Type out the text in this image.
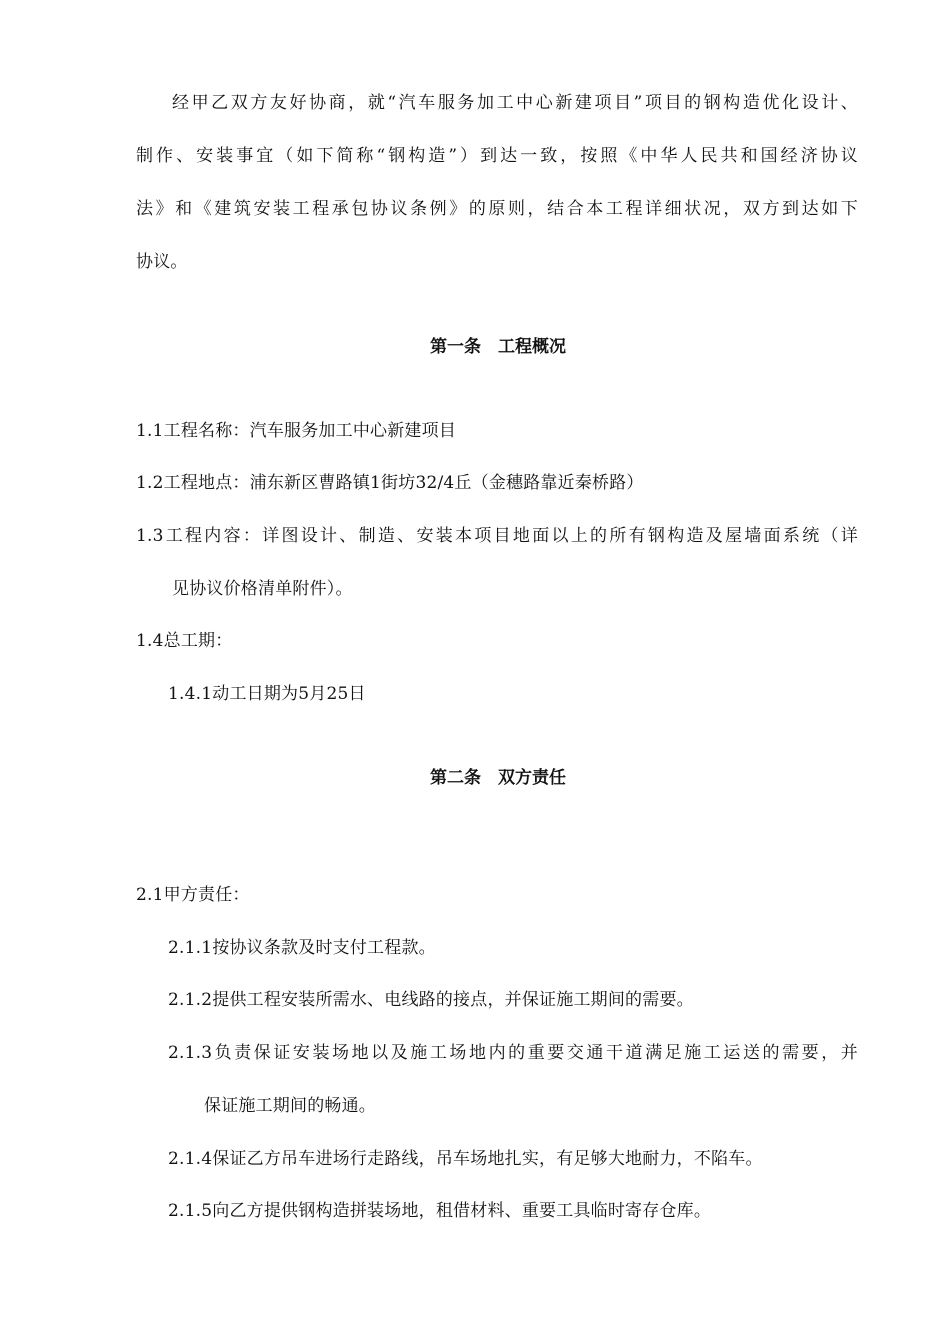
经甲乙双方友好协商，就“汽车服务加工中心新建项目”项目的钢构造优化设计、
制作、安装事宜（如下简称“钢构造”）到达一致，按照《中华人民共和国经济协议
法》和《建筑安装工程承包协议条例》的原则，结合本工程详细状况，双方到达如下
协议。
第一条　工程概况
1.1工程名称：汽车服务加工中心新建项目
1.2工程地点：浦东新区曹路镇1街坊32/4丘（金穗路靠近秦桥路）
1.3工程内容：详图设计、制造、安装本项目地面以上的所有钢构造及屋墙面系统（详
见协议价格清单附件）。
1.4总工期：
1.4.1动工日期为5月25日
第二条　双方责任
2.1甲方责任：
2.1.1按协议条款及时支付工程款。
2.1.2提供工程安装所需水、电线路的接点，并保证施工期间的需要。
2.1.3负责保证安装场地以及施工场地内的重要交通干道满足施工运送的需要，并
保证施工期间的畅通。
2.1.4保证乙方吊车进场行走路线，吊车场地扎实，有足够大地耐力，不陷车。
2.1.5向乙方提供钢构造拼装场地，租借材料、重要工具临时寄存仓库。
